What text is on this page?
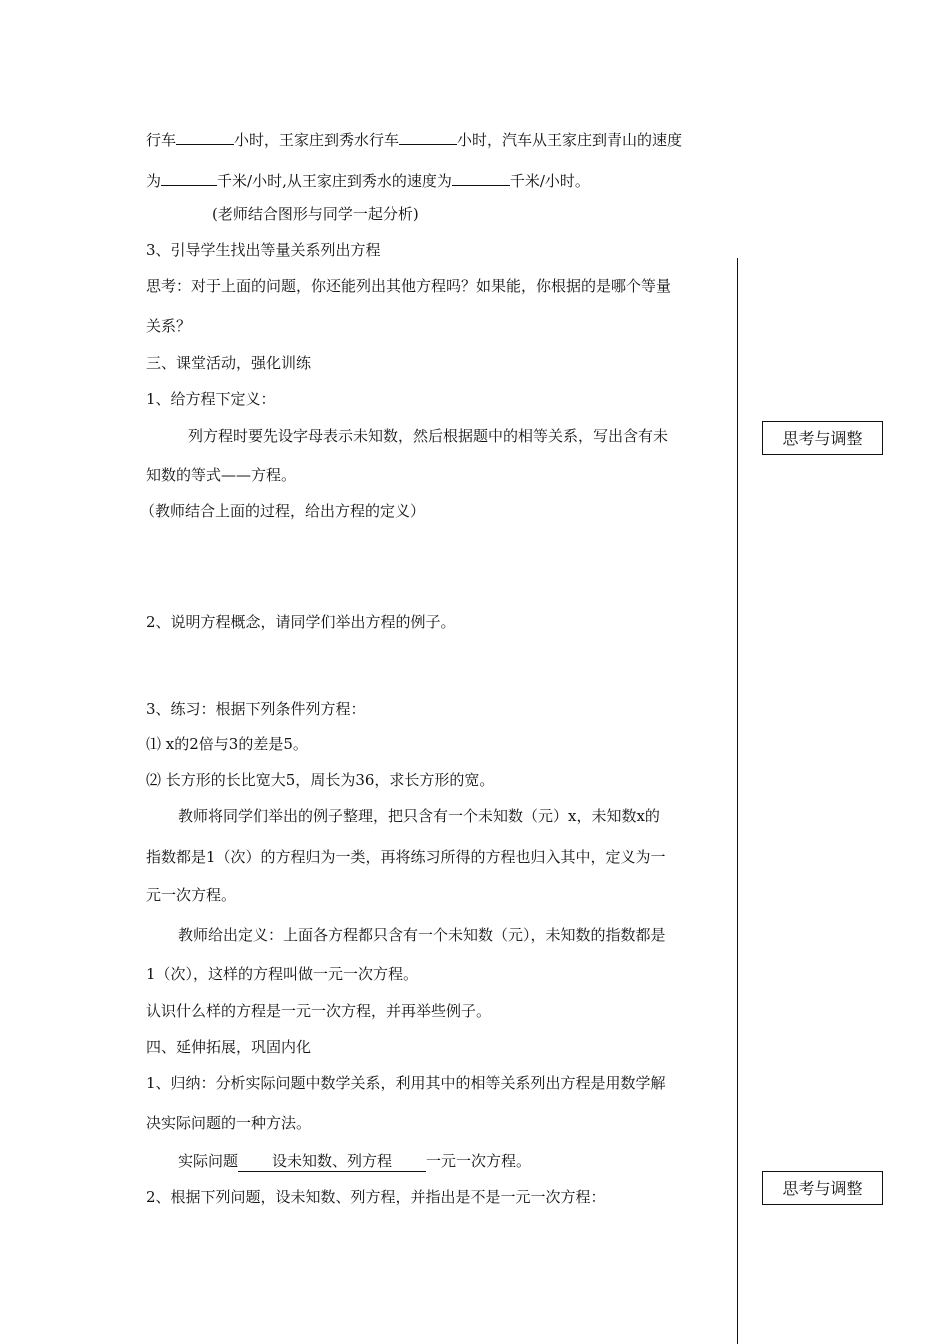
行车	小时，王家庄到秀水行车	小时，汽车从王家庄到青山的速度
为	千米/小时,从王家庄到秀水的速度为	千米/小时。
(老师结合图形与同学一起分析)
3、引导学生找出等量关系列出方程
思考：对于上面的问题，你还能列出其他方程吗？如果能，你根据的是哪个等量
关系？
三、课堂活动，强化训练
1、给方程下定义：
列方程时要先设字母表示未知数，然后根据题中的相等关系，写出含有未
知数的等式——方程。
（教师结合上面的过程，给出方程的定义）
2、说明方程概念，请同学们举出方程的例子。
3、练习：根据下列条件列方程：
⑴ x的2倍与3的差是5。
⑵ 长方形的长比宽大5，周长为36，求长方形的宽。
教师将同学们举出的例子整理，把只含有一个未知数（元）x，未知数x的
指数都是1（次）的方程归为一类，再将练习所得的方程也归入其中，定义为一
元一次方程。
教师给出定义：上面各方程都只含有一个未知数（元），未知数的指数都是
1（次），这样的方程叫做一元一次方程。
认识什么样的方程是一元一次方程，并再举些例子。
四、延伸拓展，巩固内化
1、归纳：分析实际问题中数学关系，利用其中的相等关系列出方程是用数学解
决实际问题的一种方法。
实际问题 设未知数、列方程 一元一次方程。
2、根据下列问题，设未知数、列方程，并指出是不是一元一次方程：
思考与调整
思考与调整
